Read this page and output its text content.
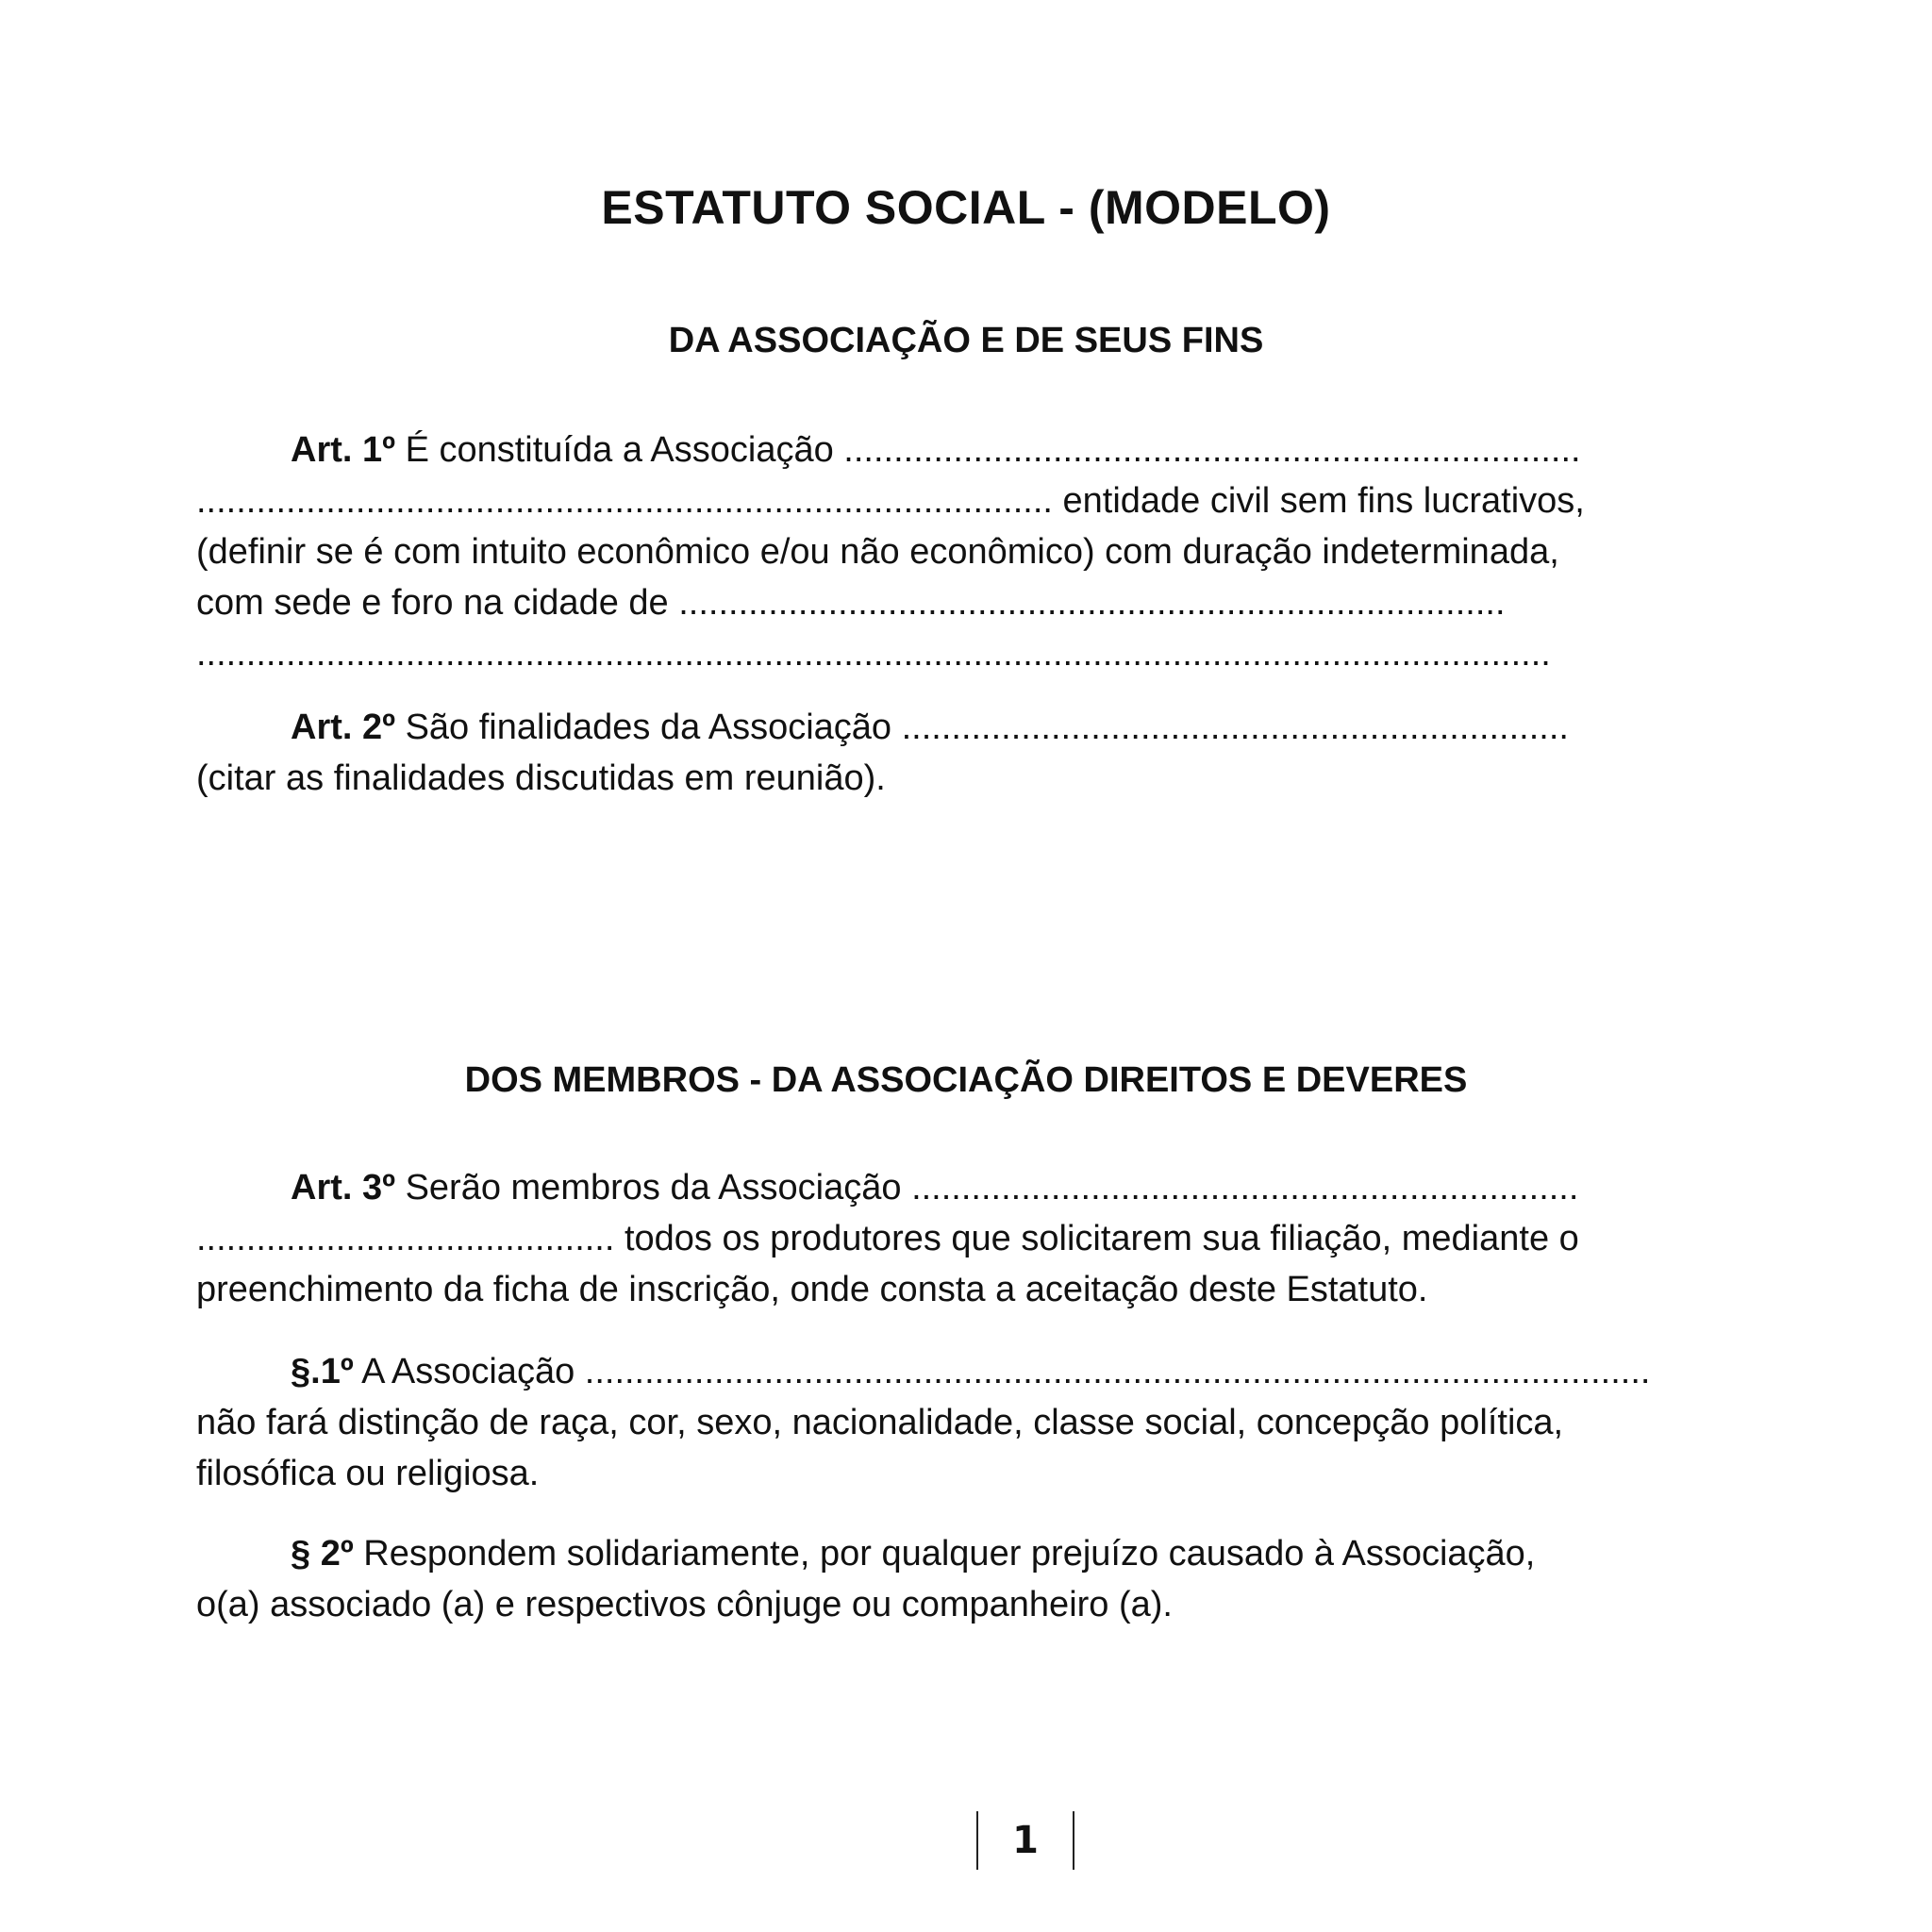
ESTATUTO SOCIAL - (MODELO)
DA ASSOCIAÇÃO E DE SEUS FINS
Art. 1º É constituída a Associação ..........................................................................
...................................................................................... entidade civil sem fins lucrativos,
(definir se é com intuito econômico e/ou não econômico) com duração indeterminada,
com sede e foro na cidade de ...................................................................................
........................................................................................................................................
Art. 2º São finalidades da Associação ...................................................................
(citar as finalidades discutidas em reunião).
DOS MEMBROS - DA ASSOCIAÇÃO DIREITOS E DEVERES
Art. 3º Serão membros da Associação ...................................................................
.......................................... todos os produtores que solicitarem sua filiação, mediante o
preenchimento da ficha de inscrição, onde consta a aceitação deste Estatuto.
§.1º A Associação ...........................................................................................................
não fará distinção de raça, cor, sexo, nacionalidade, classe social, concepção política,
filosófica ou religiosa.
§ 2º Respondem solidariamente, por qualquer prejuízo causado à Associação,
o(a) associado (a) e respectivos cônjuge ou companheiro (a).
1
